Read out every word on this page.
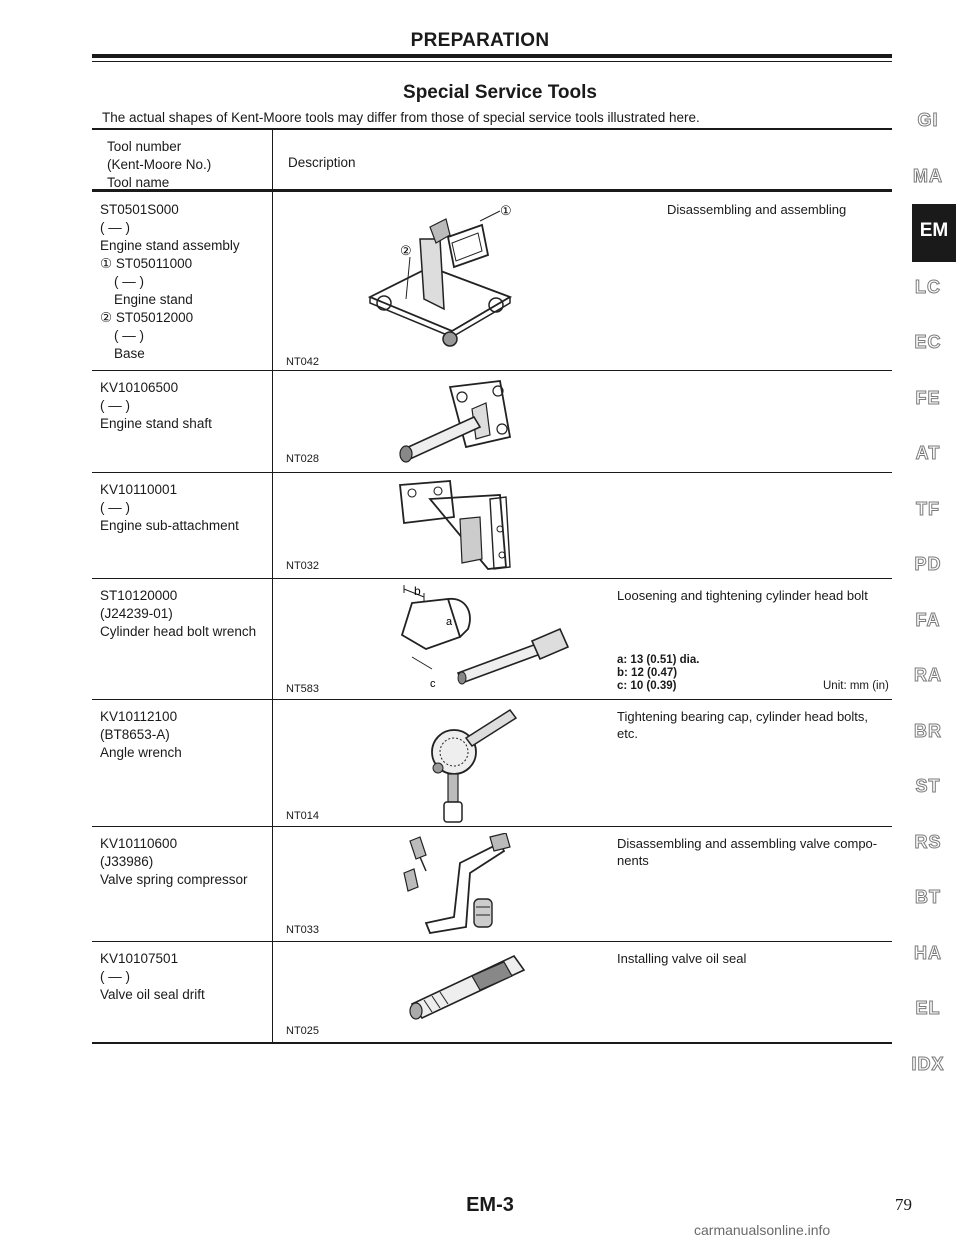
PREPARATION
Special Service Tools
The actual shapes of Kent-Moore tools may differ from those of special service tools illustrated here.
Tool number
(Kent-Moore No.)
Tool name
Description
ST0501S000
( — )
Engine stand assembly
① ST05011000
( — )
Engine stand
② ST05012000
( — )
Base
①
②
NT042
Disassembling and assembling
KV10106500
( — )
Engine stand shaft
NT028
KV10110001
( — )
Engine sub-attachment
NT032
ST10120000
(J24239-01)
Cylinder head bolt wrench
b
a
c
NT583
Loosening and tightening cylinder head bolt
a: 13 (0.51) dia.
b: 12 (0.47)
c: 10 (0.39)	Unit: mm (in)
KV10112100
(BT8653-A)
Angle wrench
NT014
Tightening bearing cap, cylinder head bolts,
etc.
KV10110600
(J33986)
Valve spring compressor
NT033
Disassembling and assembling valve compo-
nents
KV10107501
( — )
Valve oil seal drift
NT025
Installing valve oil seal
GI
MA
EM
LC
EC
FE
AT
TF
PD
FA
RA
BR
ST
RS
BT
HA
EL
IDX
EM-3	79
carmanualsonline.info
